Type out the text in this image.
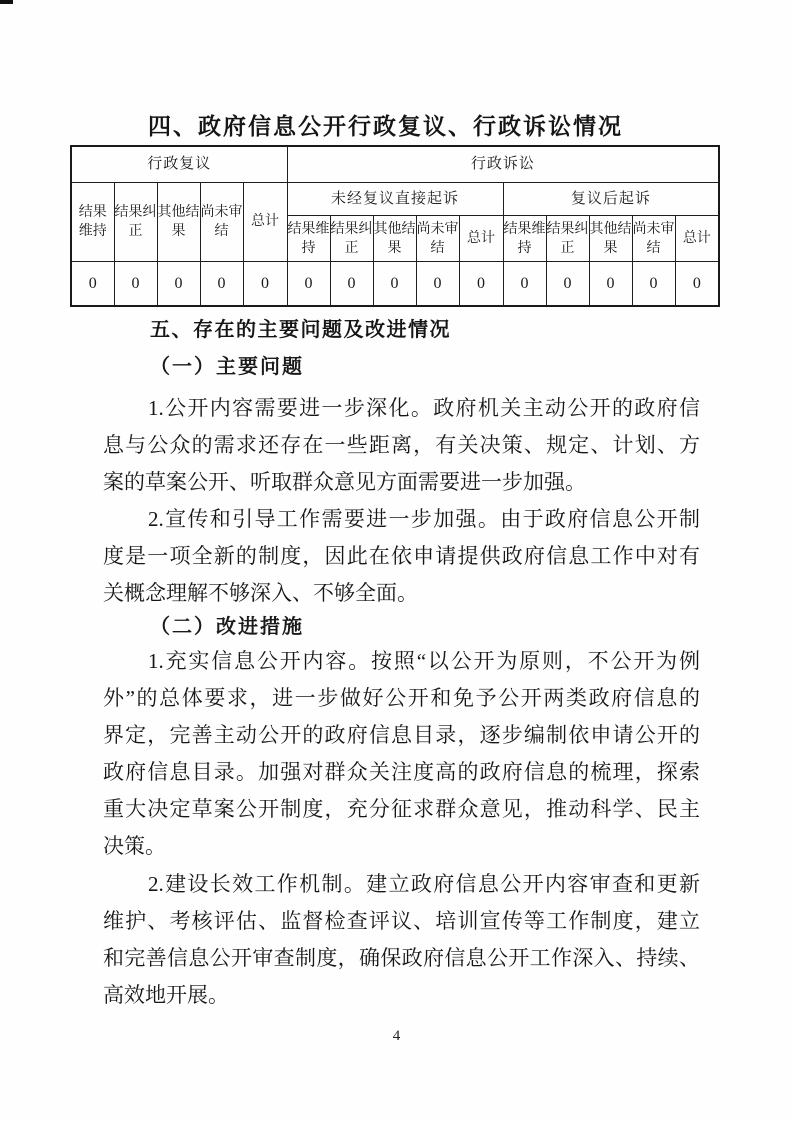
四、政府信息公开行政复议、行政诉讼情况
行政复议					行政诉讼									
结果维持	结果纠正	其他结果	尚未审结	总计	未经复议直接起诉					复议后起诉				
					结果维持	结果纠正	其他结果	尚未审结	总计	结果维持	结果纠正	其他结果	尚未审结	总计
0	0	0	0	0	0	0	0	0	0	0	0	0	0	0
五、存在的主要问题及改进情况
（一）主要问题
1.公开内容需要进一步深化。政府机关主动公开的政府信
息与公众的需求还存在一些距离，有关决策、规定、计划、方
案的草案公开、听取群众意见方面需要进一步加强。
2.宣传和引导工作需要进一步加强。由于政府信息公开制
度是一项全新的制度，因此在依申请提供政府信息工作中对有
关概念理解不够深入、不够全面。
（二）改进措施
1.充实信息公开内容。按照“以公开为原则，不公开为例
外”的总体要求，进一步做好公开和免予公开两类政府信息的
界定，完善主动公开的政府信息目录，逐步编制依申请公开的
政府信息目录。加强对群众关注度高的政府信息的梳理，探索
重大决定草案公开制度，充分征求群众意见，推动科学、民主
决策。
2.建设长效工作机制。建立政府信息公开内容审查和更新
维护、考核评估、监督检查评议、培训宣传等工作制度，建立
和完善信息公开审查制度，确保政府信息公开工作深入、持续、
高效地开展。
4
